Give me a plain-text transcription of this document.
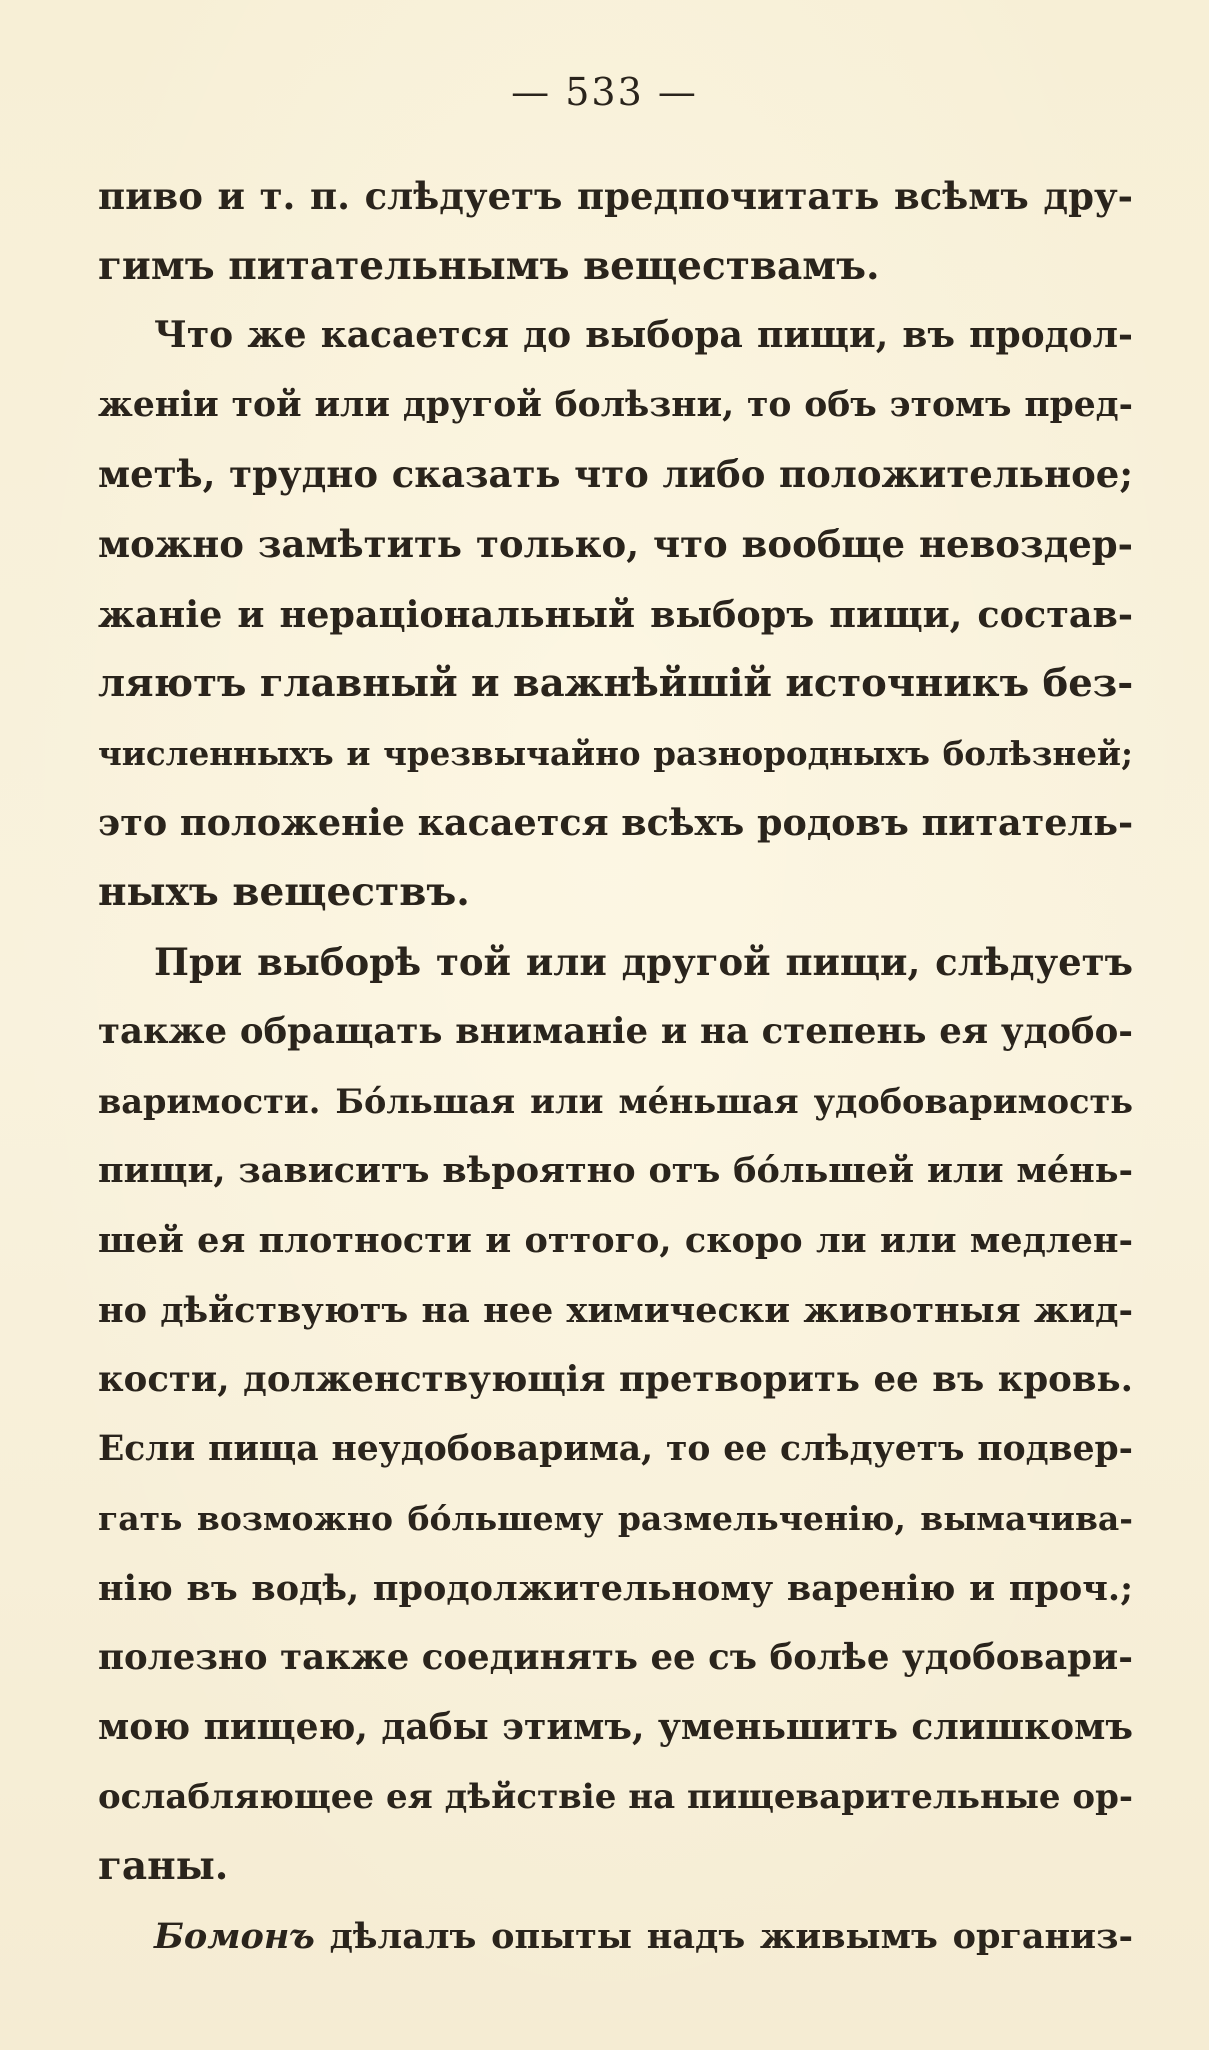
— 533 —
пиво и т. п. слѣдуетъ предпочитать всѣмъ дру-
гимъ питательнымъ веществамъ.
Что же касается до выбора пищи, въ продол-
женіи той или другой болѣзни, то объ этомъ пред-
метѣ, трудно сказать что либо положительное;
можно замѣтить только, что вообще невоздер-
жаніе и нераціональный выборъ пищи, состав-
ляютъ главный и важнѣйшій источникъ без-
численныхъ и чрезвычайно разнородныхъ болѣзней;
это положеніе касается всѣхъ родовъ питатель-
ныхъ веществъ.
При выборѣ той или другой пищи, слѣдуетъ
также обращать вниманіе и на степень ея удобо-
варимости. Бо́льшая или ме́ньшая удобоваримость
пищи, зависитъ вѣроятно отъ бо́льшей или ме́нь-
шей ея плотности и оттого, скоро ли или медлен-
но дѣйствуютъ на нее химически животныя жид-
кости, долженствующія претворить ее въ кровь.
Если пища неудобоварима, то ее слѣдуетъ подвер-
гать возможно бо́льшему размельченію, вымачива-
нію въ водѣ, продолжительному варенію и проч.;
полезно также соединять ее съ болѣе удобовари-
мою пищею, дабы этимъ, уменьшить слишкомъ
ослабляющее ея дѣйствіе на пищеварительные ор-
ганы.
Бомонъ дѣлалъ опыты надъ живымъ организ-
